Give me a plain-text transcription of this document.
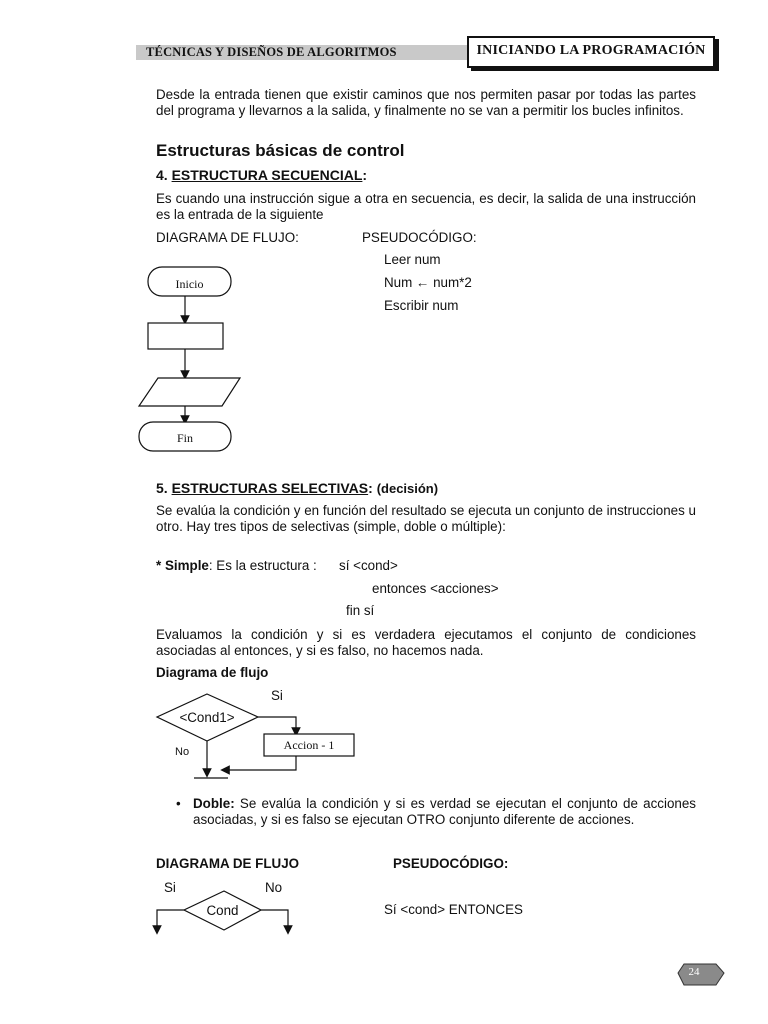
TÉCNICAS Y DISEÑOS DE ALGORITMOS	INICIANDO LA PROGRAMACIÓN
Desde la entrada tienen que existir caminos que nos permiten pasar por todas las partes del programa y llevarnos a la salida, y finalmente no se van a permitir los bucles infinitos.
Estructuras básicas de control
4. ESTRUCTURA SECUENCIAL:
Es cuando una instrucción sigue a otra en secuencia, es decir, la salida de una instrucción es la entrada de la siguiente
DIAGRAMA DE FLUJO:	PSEUDOCÓDIGO:
Leer num
Num ← num*2
Escribir num
Inicio
Fin
5. ESTRUCTURAS SELECTIVAS: (decisión)
Se evalúa la condición y en función del resultado se ejecuta un conjunto de instrucciones u otro. Hay tres tipos de selectivas (simple, doble o múltiple):
* Simple: Es la estructura : sí <cond>
entonces <acciones>
fin sí
Evaluamos la condición y si es verdadera ejecutamos el conjunto de condiciones asociadas al entonces, y si es falso, no hacemos nada.
Diagrama de flujo
Si
<Cond1>
Accion - 1
No
• Doble: Se evalúa la condición y si es verdad se ejecutan el conjunto de acciones asociadas, y si es falso se ejecutan OTRO conjunto diferente de acciones.
DIAGRAMA DE FLUJO	PSEUDOCÓDIGO:
Si	No
Cond	Sí <cond> ENTONCES
24
